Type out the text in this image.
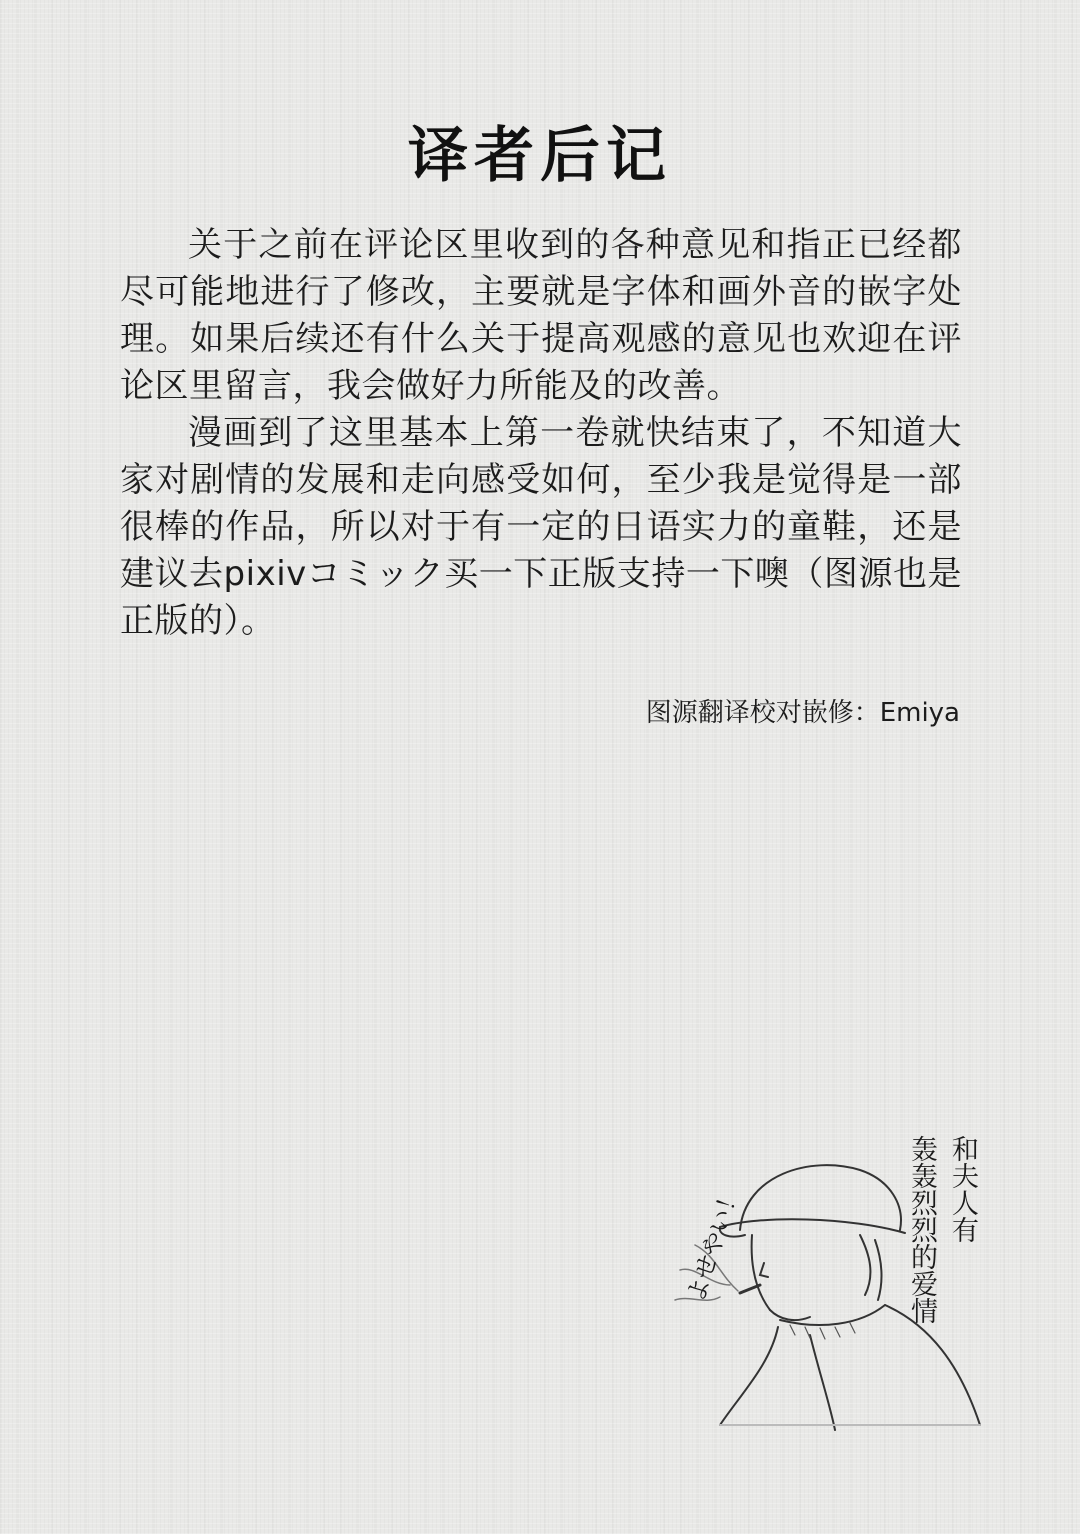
译者后记

关于之前在评论区里收到的各种意见和指正已经都尽可能地进行了修改，主要就是字体和画外音的嵌字处理。如果后续还有什么关于提高观感的意见也欢迎在评论区里留言，我会做好力所能及的改善。

漫画到了这里基本上第一卷就快结束了，不知道大家对剧情的发展和走向感受如何，至少我是觉得是一部很棒的作品，所以对于有一定的日语实力的童鞋，还是建议去pixivコミック买一下正版支持一下噢（图源也是正版的）。

图源翻译校对嵌修：Emiya
和夫人有
轰轰烈烈的爱情
よせやい！
